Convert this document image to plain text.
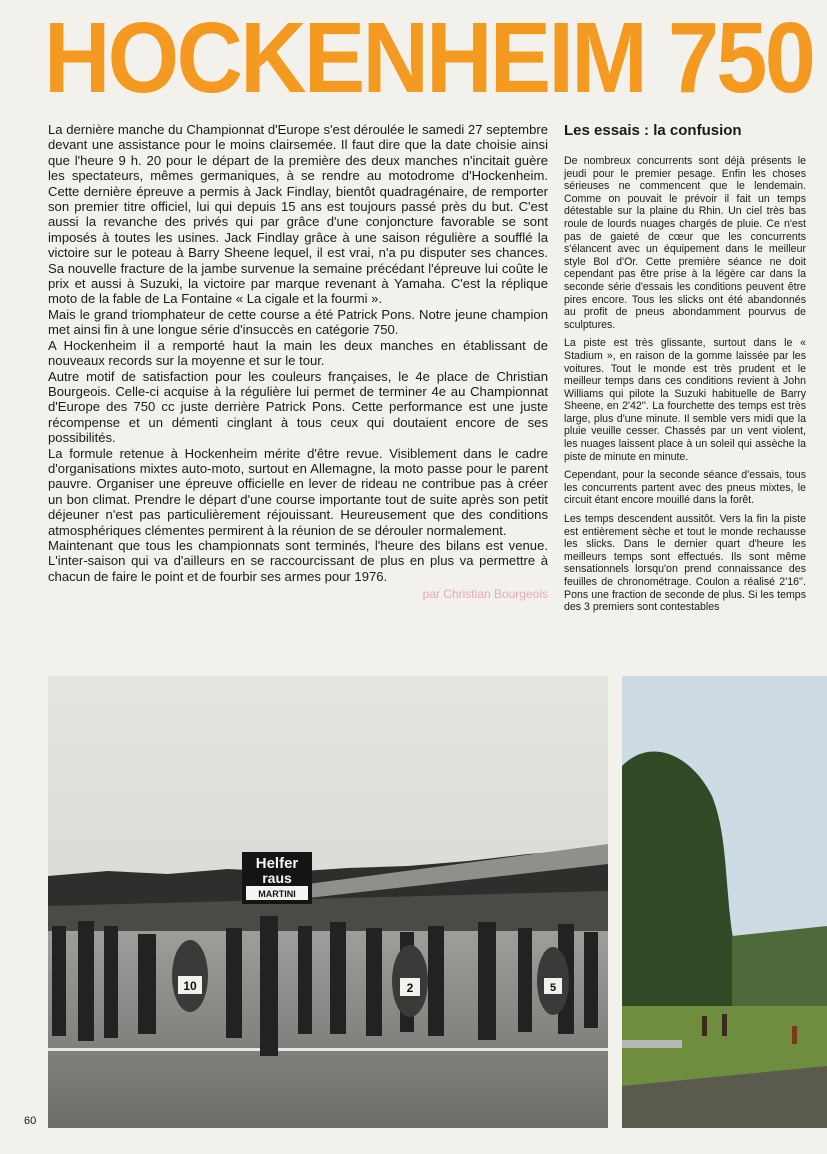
HOCKENHEIM 750

La dernière manche du Championnat d'Europe s'est déroulée le samedi 27 septembre devant une assistance pour le moins clairsemée. Il faut dire que la date choisie ainsi que l'heure 9 h. 20 pour le départ de la première des deux manches n'incitait guère les spectateurs, mêmes germaniques, à se rendre au motodrome d'Hockenheim. Cette dernière épreuve a permis à Jack Findlay, bientôt quadragénaire, de remporter son premier titre officiel, lui qui depuis 15 ans est toujours passé près du but. C'est aussi la revanche des privés qui par grâce d'une conjoncture favorable se sont imposés à toutes les usines. Jack Findlay grâce à une saison régulière a soufflé la victoire sur le poteau à Barry Sheene lequel, il est vrai, n'a pu disputer ses chances. Sa nouvelle fracture de la jambe survenue la semaine précédant l'épreuve lui coûte le prix et aussi à Suzuki, la victoire par marque revenant à Yamaha. C'est la réplique moto de la fable de La Fontaine « La cigale et la fourmi ».

Mais le grand triomphateur de cette course a été Patrick Pons. Notre jeune champion met ainsi fin à une longue série d'insuccès en catégorie 750.

A Hockenheim il a remporté haut la main les deux manches en établissant de nouveaux records sur la moyenne et sur le tour.

Autre motif de satisfaction pour les couleurs françaises, le 4e place de Christian Bourgeois. Celle-ci acquise à la régulière lui permet de terminer 4e au Championnat d'Europe des 750 cc juste derrière Patrick Pons. Cette performance est une juste récompense et un démenti cinglant à tous ceux qui doutaient encore de ses possibilités.

La formule retenue à Hockenheim mérite d'être revue. Visiblement dans le cadre d'organisations mixtes auto-moto, surtout en Allemagne, la moto passe pour le parent pauvre. Organiser une épreuve officielle en lever de rideau ne contribue pas à créer un bon climat. Prendre le départ d'une course importante tout de suite après son petit déjeuner n'est pas particulièrement réjouissant. Heureusement que des conditions atmosphériques clémentes permirent à la réunion de se dérouler normalement.

Maintenant que tous les championnats sont terminés, l'heure des bilans est venue. L'inter-saison qui va d'ailleurs en se raccourcissant de plus en plus va permettre à chacun de faire le point et de fourbir ses armes pour 1976.

par Christian Bourgeois
Les essais : la confusion

De nombreux concurrents sont déjà présents le jeudi pour le premier pesage. Enfin les choses sérieuses ne commencent que le lendemain. Comme on pouvait le prévoir il fait un temps détestable sur la plaine du Rhin. Un ciel très bas roule de lourds nuages chargés de pluie. Ce n'est pas de gaieté de cœur que les concurrents s'élancent avec un équipement dans le meilleur style Bol d'Or. Cette première séance ne doit cependant pas être prise à la légère car dans la seconde série d'essais les conditions peuvent être pires encore. Tous les slicks ont été abandonnés au profit de pneus abondamment pourvus de sculptures.

La piste est très glissante, surtout dans le « Stadium », en raison de la gomme laissée par les voitures. Tout le monde est très prudent et le meilleur temps dans ces conditions revient à John Williams qui pilote la Suzuki habituelle de Barry Sheene, en 2'42''. La fourchette des temps est très large, plus d'une minute. Il semble vers midi que la pluie veuille cesser. Chassés par un vent violent, les nuages laissent place à un soleil qui assèche la piste de minute en minute.

Cependant, pour la seconde séance d'essais, tous les concurrents partent avec des pneus mixtes, le circuit étant encore mouillé dans la forêt.

Les temps descendent aussitôt. Vers la fin la piste est entièrement sèche et tout le monde rechausse les slicks. Dans le dernier quart d'heure les meilleurs temps sont effectués. Ils sont même sensationnels lorsqu'on prend connaissance des feuilles de chronométrage. Coulon a réalisé 2'16''. Pons une fraction de seconde de plus. Si les temps des 3 premiers sont contestables

Helfer
raus
MARTINI
10	2	5
60
